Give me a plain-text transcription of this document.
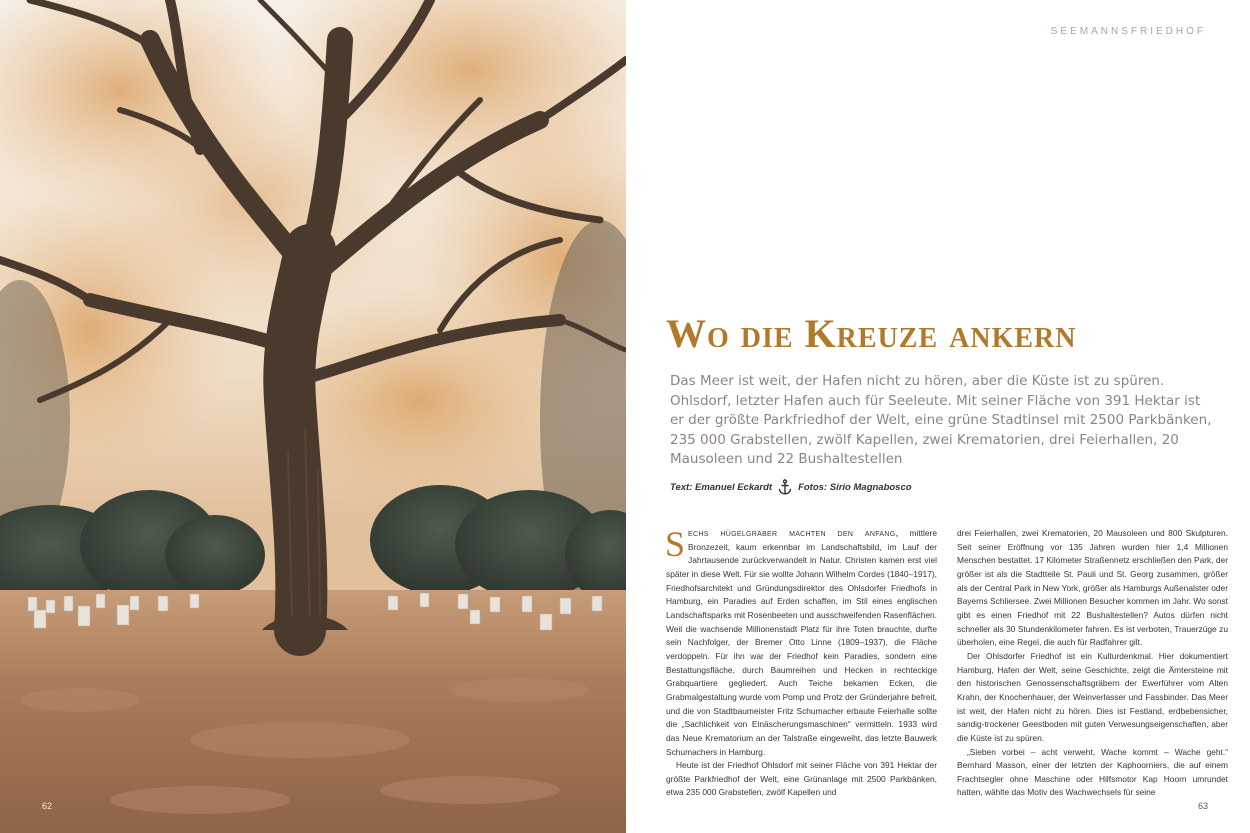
62
SEEMANNSFRIEDHOF
Wo die Kreuze ankern

Das Meer ist weit, der Hafen nicht zu hören, aber die Küste ist zu spüren. Ohlsdorf, letzter Hafen auch für Seeleute. Mit seiner Fläche von 391 Hektar ist er der größte Parkfriedhof der Welt, eine grüne Stadtinsel mit 2500 Parkbänken, 235 000 Grabstellen, zwölf Kapellen, zwei Krematorien, drei Feierhallen, 20 Mausoleen und 22 Bushaltestellen

Text: Emanuel Eckardt	Fotos: Sirio Magnabosco

Sechs hügelgräber machten den anfang, mittlere Bronzezeit, kaum erkennbar im Landschaftsbild, im Lauf der Jahrtausende zurückverwandelt in Natur. Christen kamen erst viel später in diese Welt. Für sie wollte Johann Wilhelm Cordes (1840–1917), Friedhofsarchitekt und Gründungsdirektor des Ohlsdorfer Friedhofs in Hamburg, ein Paradies auf Erden schaffen, im Stil eines englischen Landschaftsparks mit Rosenbeeten und ausschweifenden Rasenflächen. Weil die wachsende Millionenstadt Platz für ihre Toten brauchte, durfte sein Nachfolger, der Bremer Otto Linne (1809–1937), die Fläche verdoppeln. Für ihn war der Friedhof kein Paradies, sondern eine Bestattungsfläche, durch Baumreihen und Hecken in rechteckige Grabquartiere gegliedert. Auch Teiche bekamen Ecken, die Grabmalgestaltung wurde vom Pomp und Protz der Gründerjahre befreit, und die von Stadtbaumeister Fritz Schumacher erbaute Feierhalle sollte die „Sachlichkeit von Einäscherungsmaschinen“ vermitteln. 1933 wird das Neue Krematorium an der Talstraße eingeweiht, das letzte Bauwerk Schumachers in Hamburg.

Heute ist der Friedhof Ohlsdorf mit seiner Fläche von 391 Hektar der größte Parkfriedhof der Welt, eine Grünanlage mit 2500 Parkbänken, etwa 235 000 Grabstellen, zwölf Kapellen und

drei Feierhallen, zwei Krematorien, 20 Mausoleen und 800 Skulpturen. Seit seiner Eröffnung vor 135 Jahren wurden hier 1,4 Millionen Menschen bestattet. 17 Kilometer Straßennetz erschließen den Park, der größer ist als die Stadtteile St. Pauli und St. Georg zusammen, größer als der Central Park in New York, größer als Hamburgs Außenalster oder Bayerns Schliersee. Zwei Millionen Besucher kommen im Jahr. Wo sonst gibt es einen Friedhof mit 22 Bushaltestellen? Autos dürfen nicht schneller als 30 Stundenkilometer fahren. Es ist verboten, Trauerzüge zu überholen, eine Regel, die auch für Radfahrer gilt.

Der Ohlsdorfer Friedhof ist ein Kulturdenkmal. Hier dokumentiert Hamburg, Hafen der Welt, seine Geschichte, zeigt die Ämtersteine mit den historischen Genossenschaftsgräbern der Ewerführer vom Alten Krahn, der Knochenhauer, der Weinverlasser und Fassbinder. Das Meer ist weit, der Hafen nicht zu hören. Dies ist Festland, erdbebensicher, sandig-trockener Geestboden mit guten Verwesungseigenschaften, aber die Küste ist zu spüren.

„Sieben vorbei – acht verweht, Wache kommt – Wache geht.“ Bernhard Masson, einer der letzten der Kaphoorniers, die auf einem Frachtsegler ohne Maschine oder Hilfsmotor Kap Hoorn umrundet hatten, wählte das Motiv des Wachwechsels für seine

63
